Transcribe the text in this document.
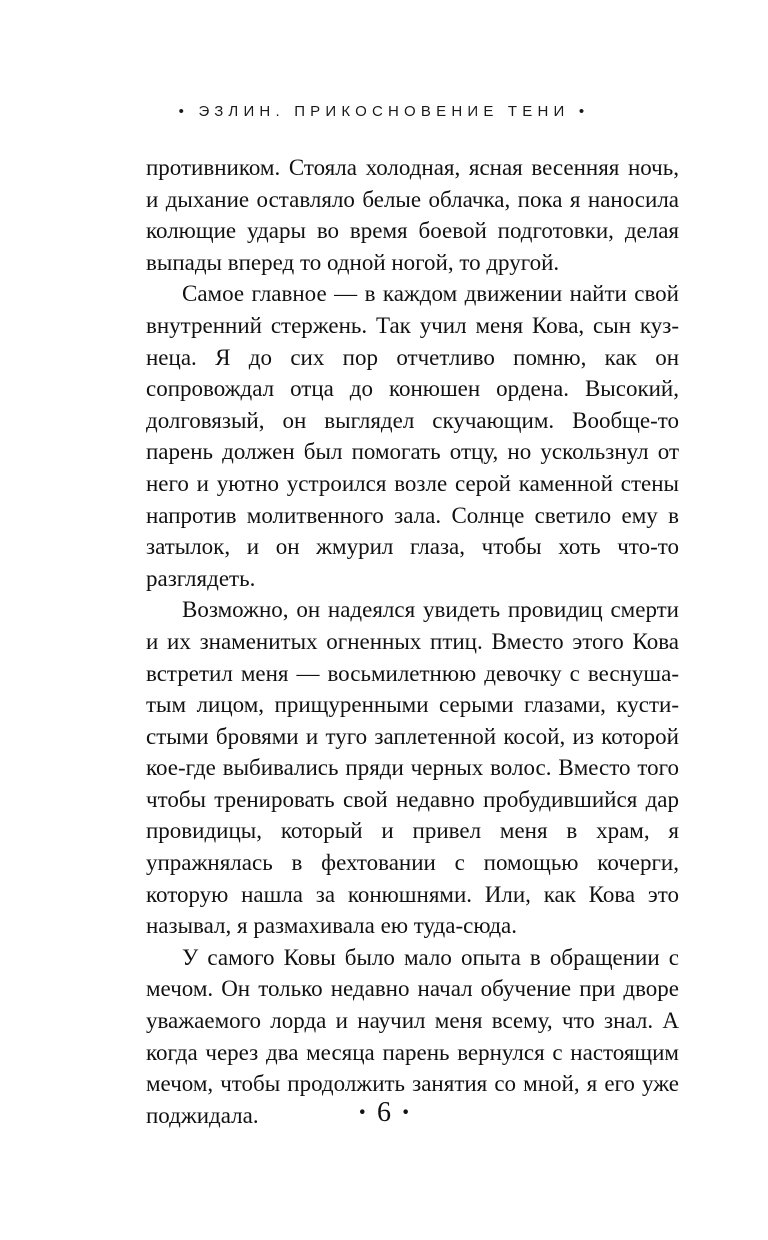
• ЭЗЛИН. ПРИКОСНОВЕНИЕ ТЕНИ •

противником. Стояла холодная, ясная весенняя ночь, и дыхание оставляло белые облачка, пока я наносила колющие удары во время боевой подготовки, делая выпады вперед то одной ногой, то другой.

Самое главное — в каждом движении найти свой внутренний стержень. Так учил меня Кова, сын кузнеца. Я до сих пор отчетливо помню, как он сопровождал отца до конюшен ордена. Высокий, долговязый, он выглядел скучающим. Вообще-то парень должен был помогать отцу, но ускользнул от него и уютно устроился возле серой каменной стены напротив молитвенного зала. Солнце светило ему в затылок, и он жмурил глаза, чтобы хоть что-то разглядеть.

Возможно, он надеялся увидеть провидиц смерти и их знаменитых огненных птиц. Вместо этого Кова встретил меня — восьмилетнюю девочку с веснушатым лицом, прищуренными серыми глазами, кустистыми бровями и туго заплетенной косой, из которой кое-где выбивались пряди черных волос. Вместо того чтобы тренировать свой недавно пробудившийся дар провидицы, который и привел меня в храм, я упражнялась в фехтовании с помощью кочерги, которую нашла за конюшнями. Или, как Кова это называл, я размахивала ею туда-сюда.

У самого Ковы было мало опыта в обращении с мечом. Он только недавно начал обучение при дворе уважаемого лорда и научил меня всему, что знал. А когда через два месяца парень вернулся с настоящим мечом, чтобы продолжить занятия со мной, я его уже поджидала.	· 6 ·
